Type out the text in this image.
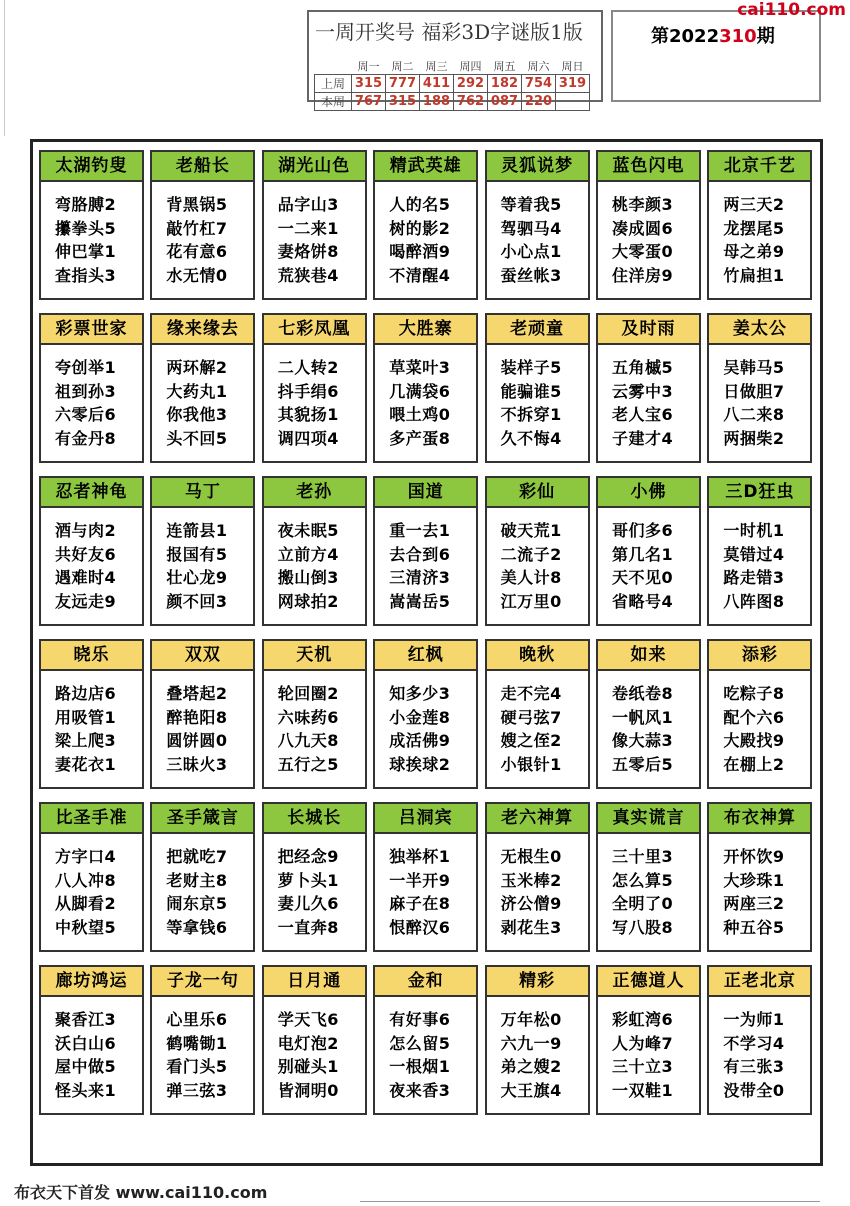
一周开奖号 福彩3D字谜版1版
	周一	周二	周三	周四	周五	周六	周日
上周	315	777	411	292	182	754	319
本周	767	315	188	762	087	220	
第2022310期
cai110.com
太湖钓叟
弯胳膊2
攥拳头5
伸巴掌1
查指头3
老船长
背黑锅5
敲竹杠7
花有意6
水无情0
湖光山色
品字山3
一二来1
妻烙饼8
荒狭巷4
精武英雄
人的名5
树的影2
喝醉酒9
不清醒4
灵狐说梦
等着我5
驾驷马4
小心点1
蚕丝帐3
蓝色闪电
桃李颜3
凑成圆6
大零蛋0
住洋房9
北京千艺
两三天2
龙摆尾5
母之弟9
竹扁担1
彩票世家
夸创举1
祖到孙3
六零后6
有金丹8
缘来缘去
两环解2
大药丸1
你我他3
头不回5
七彩凤凰
二人转2
抖手绢6
其貌扬1
调四项4
大胜寨
草菜叶3
几满袋6
喂土鸡0
多产蛋8
老顽童
装样子5
能骗谁5
不拆穿1
久不悔4
及时雨
五角槭5
云雾中3
老人宝6
子建才4
姜太公
吴韩马5
日做胆7
八二来8
两捆柴2
忍者神龟
酒与肉2
共好友6
遇难时4
友远走9
马丁
连箭县1
报国有5
壮心龙9
颜不回3
老孙
夜未眠5
立前方4
搬山倒3
网球拍2
国道
重一去1
去合到6
三清济3
嵩嵩岳5
彩仙
破天荒1
二流子2
美人计8
江万里0
小佛
哥们多6
第几名1
天不见0
省略号4
三D狂虫
一时机1
莫错过4
路走错3
八阵图8
晓乐
路边店6
用吸管1
梁上爬3
妻花衣1
双双
叠塔起2
醉艳阳8
圆饼圆0
三昧火3
天机
轮回圈2
六味药6
八九天8
五行之5
红枫
知多少3
小金莲8
成活佛9
球挨球2
晚秋
走不完4
硬弓弦7
嫂之侄2
小银针1
如来
卷纸卷8
一帆风1
像大蒜3
五零后5
添彩
吃粽子8
配个六6
大殿找9
在棚上2
比圣手准
方字口4
八人冲8
从脚看2
中秋望5
圣手箴言
把就吃7
老财主8
闹东京5
等拿钱6
长城长
把经念9
萝卜头1
妻儿久6
一直奔8
吕洞宾
独举杯1
一半开9
麻子在8
恨醉汉6
老六神算
无根生0
玉米棒2
济公僧9
剥花生3
真实谎言
三十里3
怎么算5
全明了0
写八股8
布衣神算
开怀饮9
大珍珠1
两座三2
种五谷5
廊坊鸿运
聚香江3
沃白山6
屋中做5
怪头来1
子龙一句
心里乐6
鹤嘴锄1
看门头5
弹三弦3
日月通
学天飞6
电灯泡2
别碰头1
皆洞明0
金和
有好事6
怎么留5
一根烟1
夜来香3
精彩
万年松0
六九一9
弟之嫂2
大王旗4
正德道人
彩虹湾6
人为峰7
三十立3
一双鞋1
正老北京
一为师1
不学习4
有三张3
没带全0
布衣天下首发 www.cai110.com
